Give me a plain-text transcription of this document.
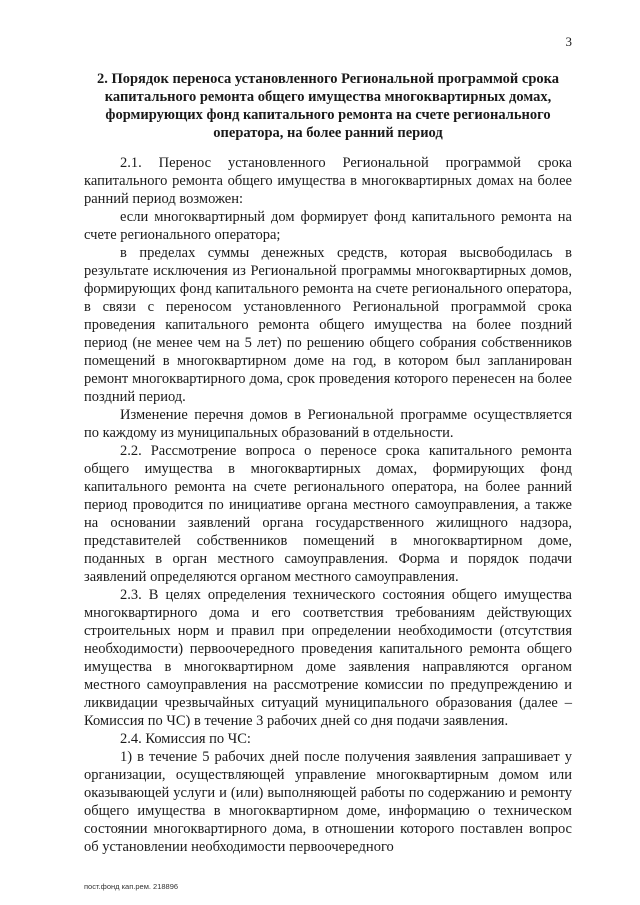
3
2. Порядок переноса установленного Региональной программой срока капитального ремонта общего имущества многоквартирных домах, формирующих фонд капитального ремонта на счете регионального оператора, на более ранний период

2.1. Перенос установленного Региональной программой срока капитального ремонта общего имущества в многоквартирных домах на более ранний период возможен:

если многоквартирный дом формирует фонд капитального ремонта на счете регионального оператора;

в пределах суммы денежных средств, которая высвободилась в результате исключения из Региональной программы многоквартирных домов, формирующих фонд капитального ремонта на счете регионального оператора, в связи с переносом установленного Региональной программой срока проведения капитального ремонта общего имущества на более поздний период (не менее чем на 5 лет) по решению общего собрания собственников помещений в многоквартирном доме на год, в котором был запланирован ремонт многоквартирного дома, срок проведения которого перенесен на более поздний период.

Изменение перечня домов в Региональной программе осуществляется по каждому из муниципальных образований в отдельности.

2.2. Рассмотрение вопроса о переносе срока капитального ремонта общего имущества в многоквартирных домах, формирующих фонд капитального ремонта на счете регионального оператора, на более ранний период проводится по инициативе органа местного самоуправления, а также на основании заявлений органа государственного жилищного надзора, представителей собственников помещений в многоквартирном доме, поданных в орган местного самоуправления. Форма и порядок подачи заявлений определяются органом местного самоуправления.

2.3. В целях определения технического состояния общего имущества многоквартирного дома и его соответствия требованиям действующих строительных норм и правил при определении необходимости (отсутствия необходимости) первоочередного проведения капитального ремонта общего имущества в многоквартирном доме заявления направляются органом местного самоуправления на рассмотрение комиссии по предупреждению и ликвидации чрезвычайных ситуаций муниципального образования (далее – Комиссия по ЧС) в течение 3 рабочих дней со дня подачи заявления.

2.4. Комиссия по ЧС:

1) в течение 5 рабочих дней после получения заявления запрашивает у организации, осуществляющей управление многоквартирным домом или оказывающей услуги и (или) выполняющей работы по содержанию и ремонту общего имущества в многоквартирном доме, информацию о техническом состоянии многоквартирного дома, в отношении которого поставлен вопрос об установлении необходимости первоочередного

пост.фонд кап.рем. 218896
